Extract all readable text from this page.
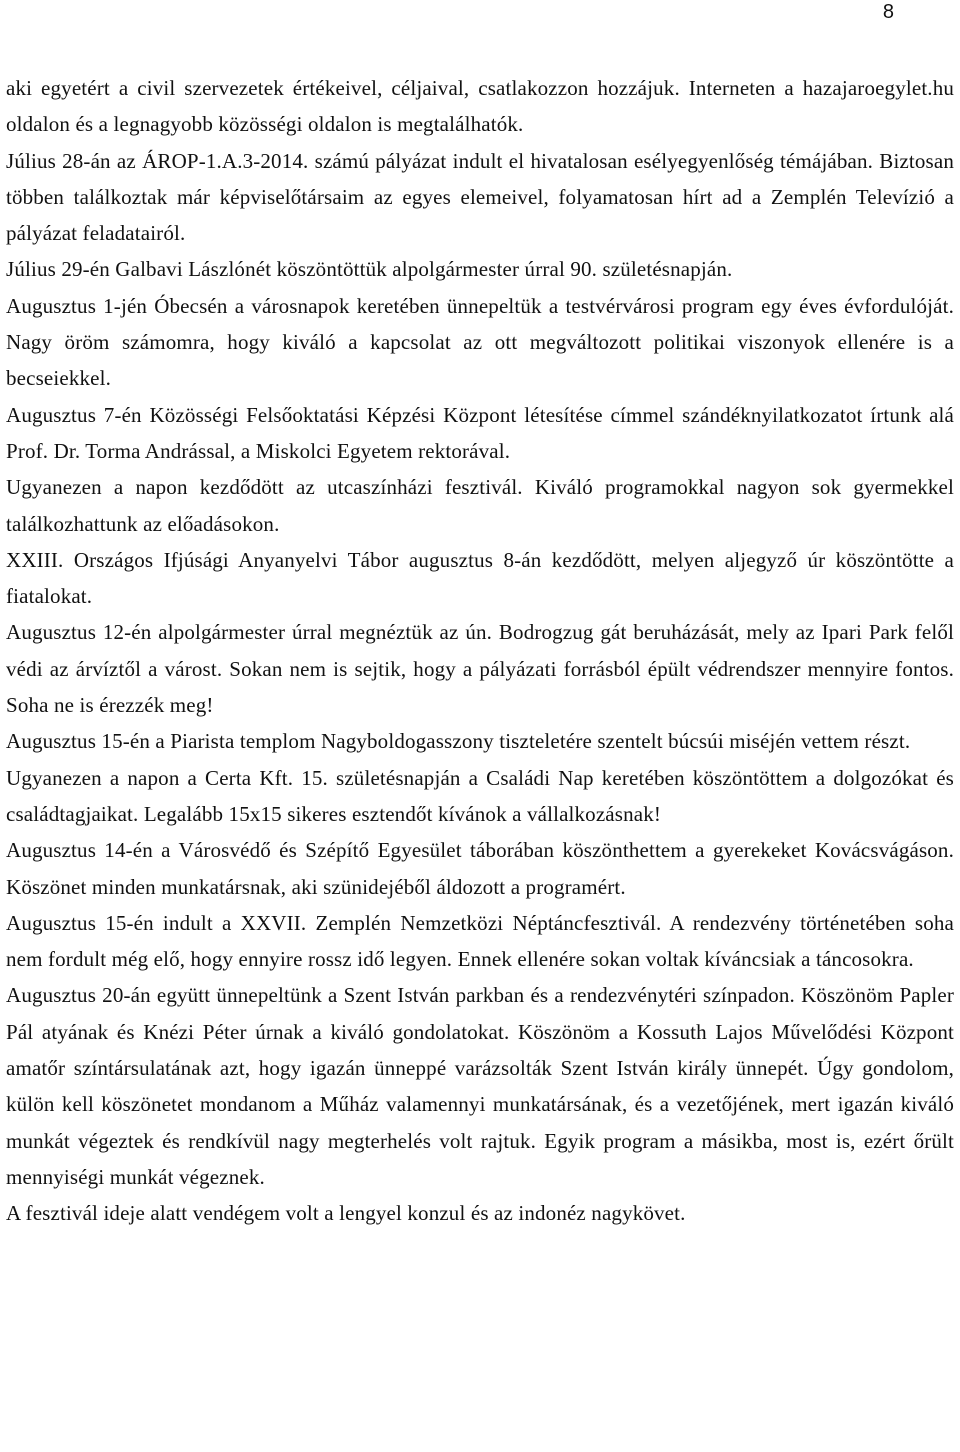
8

aki egyetért a civil szervezetek értékeivel, céljaival, csatlakozzon hozzájuk. Interneten a hazajaroegylet.hu oldalon és a legnagyobb közösségi oldalon is megtalálhatók.

Július 28-án az ÁROP-1.A.3-2014. számú pályázat indult el hivatalosan esélyegyenlőség témájában. Biztosan többen találkoztak már képviselőtársaim az egyes elemeivel, folyamatosan hírt ad a Zemplén Televízió a pályázat feladatairól.

Július 29-én Galbavi Lászlónét köszöntöttük alpolgármester úrral 90. születésnapján.

Augusztus 1-jén Óbecsén a városnapok keretében ünnepeltük a testvérvárosi program egy éves évfordulóját. Nagy öröm számomra, hogy kiváló a kapcsolat az ott megváltozott politikai viszonyok ellenére is a becseiekkel.

Augusztus 7-én Közösségi Felsőoktatási Képzési Központ létesítése címmel szándéknyilatkozatot írtunk alá Prof. Dr. Torma Andrással, a Miskolci Egyetem rektorával.

Ugyanezen a napon kezdődött az utcaszínházi fesztivál. Kiváló programokkal nagyon sok gyermekkel találkozhattunk az előadásokon.

XXIII. Országos Ifjúsági Anyanyelvi Tábor augusztus 8-án kezdődött, melyen aljegyző úr köszöntötte a fiatalokat.

Augusztus 12-én alpolgármester úrral megnéztük az ún. Bodrogzug gát beruházását, mely az Ipari Park felől védi az árvíztől a várost. Sokan nem is sejtik, hogy a pályázati forrásból épült védrendszer mennyire fontos. Soha ne is érezzék meg!

Augusztus 15-én a Piarista templom Nagyboldogasszony tiszteletére szentelt búcsúi miséjén vettem részt.

Ugyanezen a napon a Certa Kft. 15. születésnapján a Családi Nap keretében köszöntöttem a dolgozókat és családtagjaikat. Legalább 15x15 sikeres esztendőt kívánok a vállalkozásnak!

Augusztus 14-én a Városvédő és Szépítő Egyesület táborában köszönthettem a gyerekeket Kovácsvágáson. Köszönet minden munkatársnak, aki szünidejéből áldozott a programért.

Augusztus 15-én indult a XXVII. Zemplén Nemzetközi Néptáncfesztivál. A rendezvény történetében soha nem fordult még elő, hogy ennyire rossz idő legyen. Ennek ellenére sokan voltak kíváncsiak a táncosokra.

Augusztus 20-án együtt ünnepeltünk a Szent István parkban és a rendezvénytéri színpadon. Köszönöm Papler Pál atyának és Knézi Péter úrnak a kiváló gondolatokat. Köszönöm a Kossuth Lajos Művelődési Központ amatőr színtársulatának azt, hogy igazán ünneppé varázsolták Szent István király ünnepét. Úgy gondolom, külön kell köszönetet mondanom a Műház valamennyi munkatársának, és a vezetőjének, mert igazán kiváló munkát végeztek és rendkívül nagy megterhelés volt rajtuk. Egyik program a másikba, most is, ezért őrült mennyiségi munkát végeznek.

A fesztivál ideje alatt vendégem volt a lengyel konzul és az indonéz nagykövet.
